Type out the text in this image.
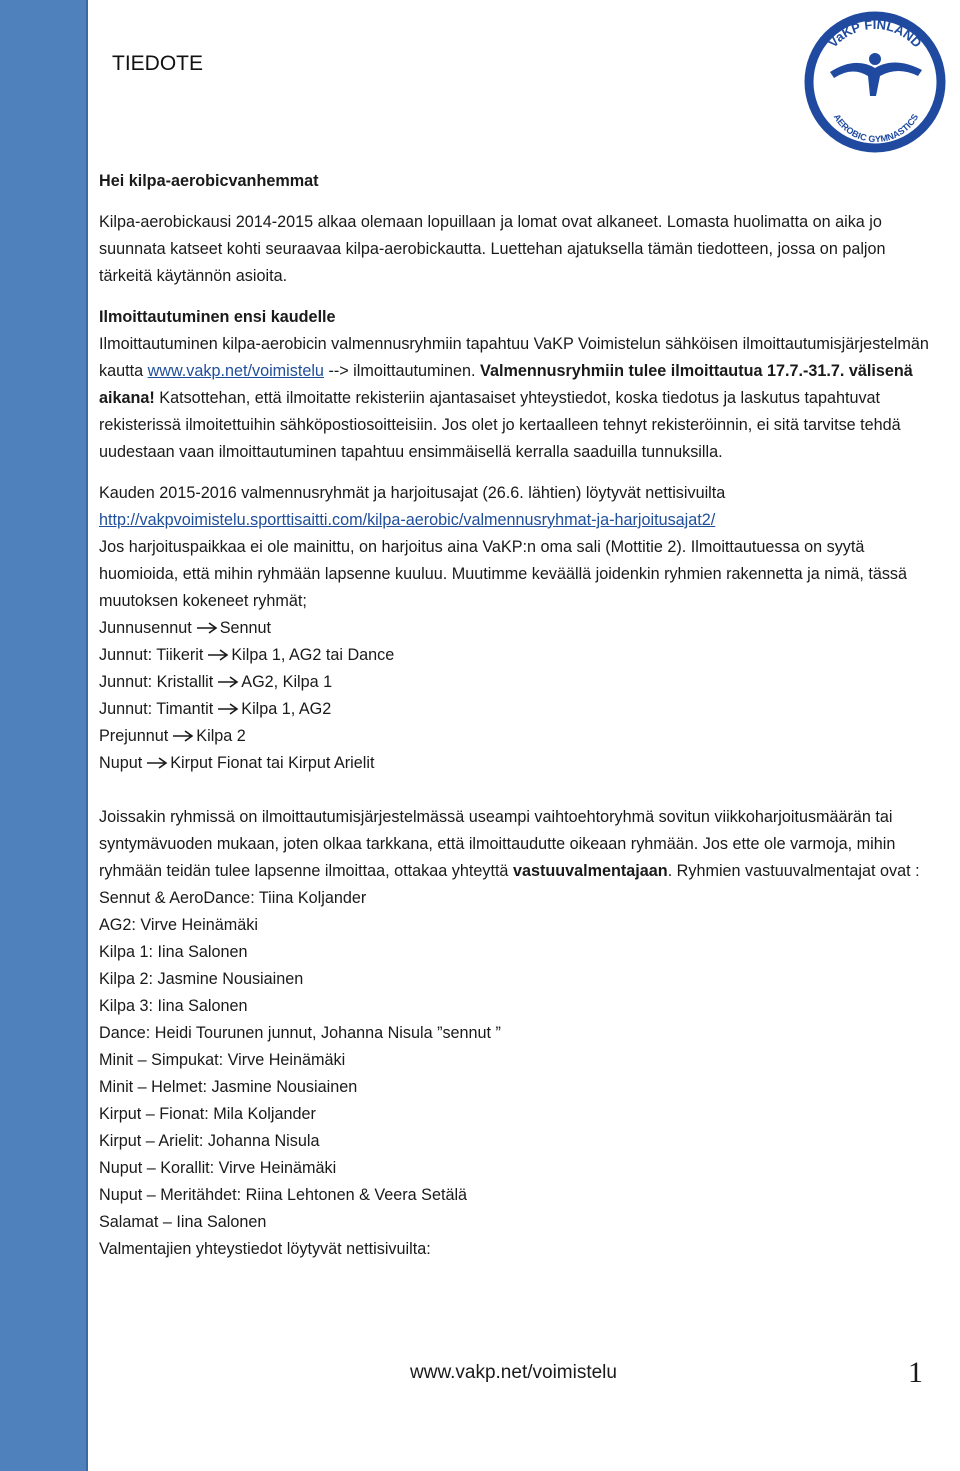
TIEDOTE
VaKP FINLAND
AEROBIC GYMNASTICS

Hei kilpa-aerobicvanhemmat

Kilpa-aerobickausi 2014-2015 alkaa olemaan lopuillaan ja lomat ovat alkaneet. Lomasta huolimatta on aika jo suunnata katseet kohti seuraavaa kilpa-aerobickautta. Luettehan ajatuksella tämän tiedotteen, jossa on paljon tärkeitä käytännön asioita.

Ilmoittautuminen ensi kaudelle

Ilmoittautuminen kilpa-aerobicin valmennusryhmiin tapahtuu VaKP Voimistelun sähköisen ilmoittautumisjärjestelmän kautta www.vakp.net/voimistelu --> ilmoittautuminen. Valmennusryhmiin tulee ilmoittautua 17.7.-31.7. välisenä aikana! Katsottehan, että ilmoitatte rekisteriin ajantasaiset yhteystiedot, koska tiedotus ja laskutus tapahtuvat rekisterissä ilmoitettuihin sähköpostiosoitteisiin. Jos olet jo kertaalleen tehnyt rekisteröinnin, ei sitä tarvitse tehdä uudestaan vaan ilmoittautuminen tapahtuu ensimmäisellä kerralla saaduilla tunnuksilla.

Kauden 2015-2016 valmennusryhmät ja harjoitusajat (26.6. lähtien) löytyvät nettisivuilta

http://vakpvoimistelu.sporttisaitti.com/kilpa-aerobic/valmennusryhmat-ja-harjoitusajat2/

Jos harjoituspaikkaa ei ole mainittu, on harjoitus aina VaKP:n oma sali (Mottitie 2). Ilmoittautuessa on syytä huomioida, että mihin ryhmään lapsenne kuuluu. Muutimme keväällä joidenkin ryhmien rakennetta ja nimä, tässä muutoksen kokeneet ryhmät;

Junnusennut Sennut

Junnut: Tiikerit Kilpa 1, AG2 tai Dance

Junnut: Kristallit AG2, Kilpa 1

Junnut: Timantit Kilpa 1, AG2

Prejunnut Kilpa 2

Nuput Kirput Fionat tai Kirput Arielit

Joissakin ryhmissä on ilmoittautumisjärjestelmässä useampi vaihtoehtoryhmä sovitun viikkoharjoitusmäärän tai syntymävuoden mukaan, joten olkaa tarkkana, että ilmoittaudutte oikeaan ryhmään. Jos ette ole varmoja, mihin ryhmään teidän tulee lapsenne ilmoittaa, ottakaa yhteyttä vastuuvalmentajaan. Ryhmien vastuuvalmentajat ovat :

Sennut & AeroDance: Tiina Koljander

AG2: Virve Heinämäki

Kilpa 1: Iina Salonen

Kilpa 2: Jasmine Nousiainen

Kilpa 3: Iina Salonen

Dance: Heidi Tourunen junnut, Johanna Nisula ”sennut ”

Minit – Simpukat: Virve Heinämäki

Minit – Helmet: Jasmine Nousiainen

Kirput – Fionat: Mila Koljander

Kirput – Arielit: Johanna Nisula

Nuput – Korallit: Virve Heinämäki

Nuput – Meritähdet: Riina Lehtonen & Veera Setälä

Salamat – Iina Salonen

Valmentajien yhteystiedot löytyvät nettisivuilta:

www.vakp.net/voimistelu	1
